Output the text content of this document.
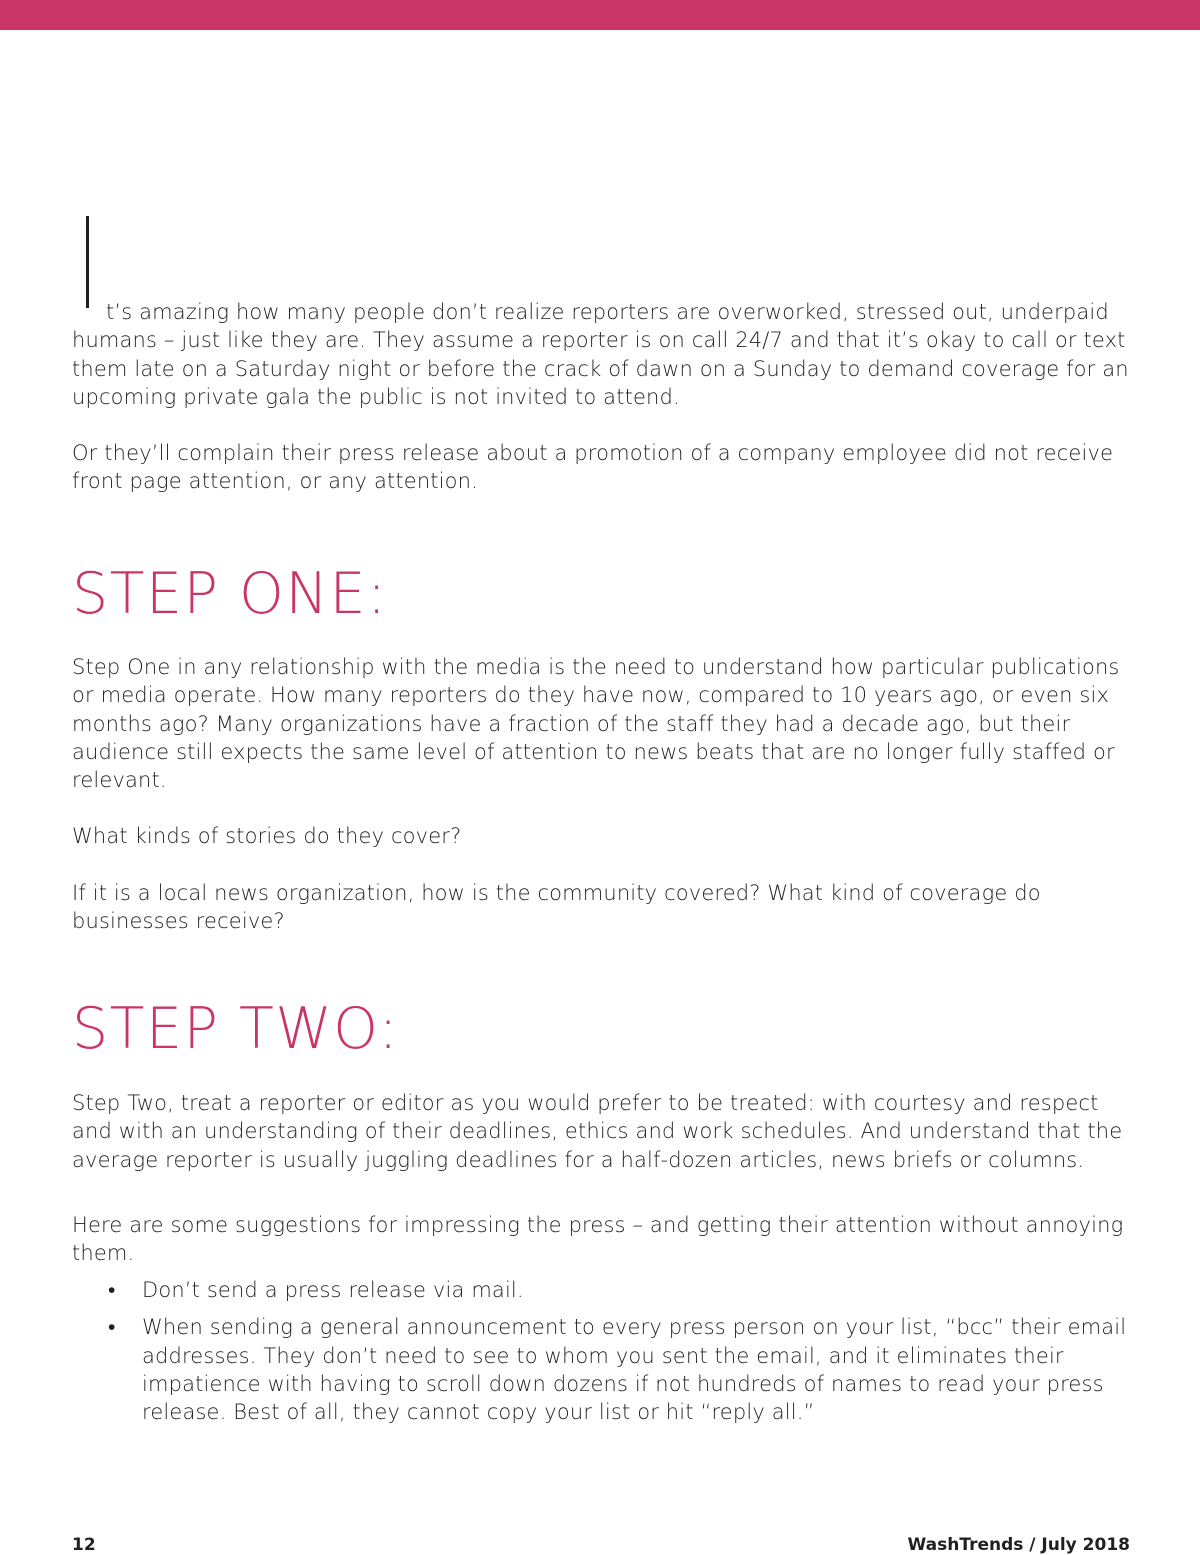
t’s amazing how many people don’t realize reporters are overworked, stressed out, underpaid humans – just like they are. They assume a reporter is on call 24/7 and that it’s okay to call or text them late on a Saturday night or before the crack of dawn on a Sunday to demand coverage for an upcoming private gala the public is not invited to attend.

Or they’ll complain their press release about a promotion of a company employee did not receive front page attention, or any attention.

STEP ONE:

Step One in any relationship with the media is the need to understand how particular publications or media operate. How many reporters do they have now, compared to 10 years ago, or even six months ago? Many organizations have a fraction of the staff they had a decade ago, but their audience still expects the same level of attention to news beats that are no longer fully staffed or relevant.

What kinds of stories do they cover?

If it is a local news organization, how is the community covered? What kind of coverage do businesses receive?

STEP TWO:

Step Two, treat a reporter or editor as you would prefer to be treated: with courtesy and respect and with an understanding of their deadlines, ethics and work schedules. And understand that the average reporter is usually juggling deadlines for a half-dozen articles, news briefs or columns.

Here are some suggestions for impressing the press – and getting their attention without annoying them.

• Don’t send a press release via mail.
• When sending a general announcement to every press person on your list, “bcc” their email addresses. They don’t need to see to whom you sent the email, and it eliminates their impatience with having to scroll down dozens if not hundreds of names to read your press release. Best of all, they cannot copy your list or hit “reply all.”
12	WashTrends / July 2018
